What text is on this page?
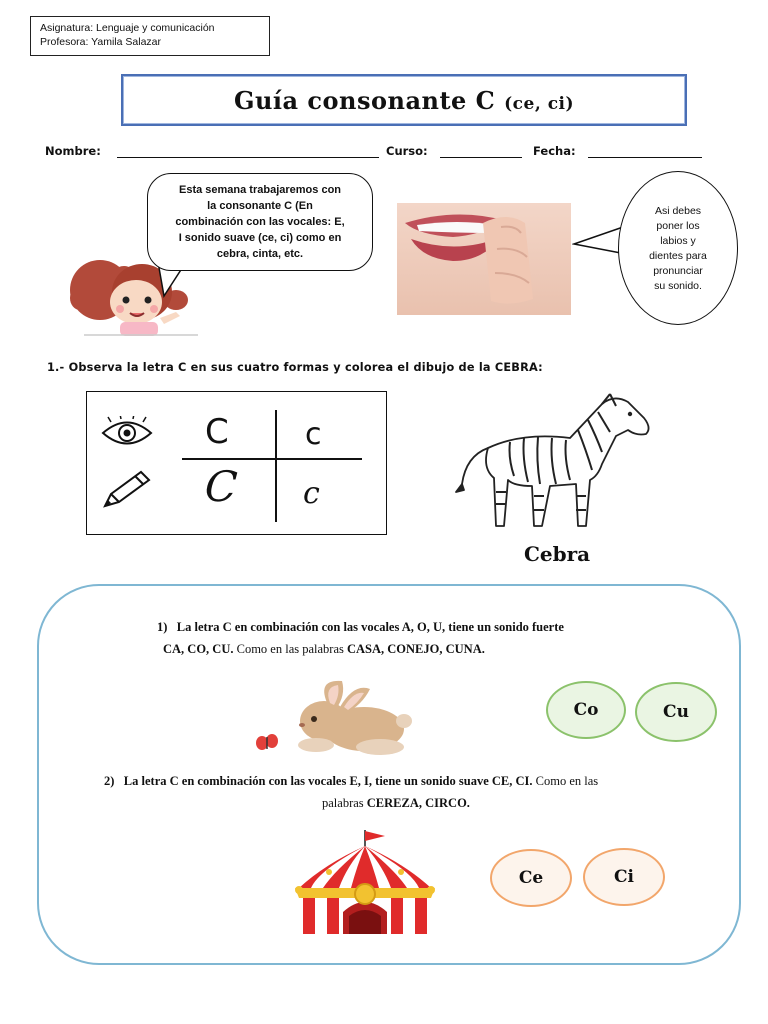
Asignatura: Lenguaje y comunicación
Profesora: Yamila Salazar
Guía consonante C (ce, ci)
Nombre:	Curso:	Fecha:
Esta semana trabajaremos con
la consonante C (En
combinación con las vocales: E,
I sonido suave (ce, ci) como en
cebra, cinta, etc.
Asi debes
poner los
labios y
dientes para
pronunciar
su sonido.
1.- Observa la letra C en sus cuatro formas y colorea el dibujo de la CEBRA:
C	c
C c
Cebra
1) La letra C en combinación con las vocales A, O, U, tiene un sonido fuerte
CA, CO, CU. Como en las palabras CASA, CONEJO, CUNA.
Co	Cu
2) La letra C en combinación con las vocales E, I, tiene un sonido suave CE, CI. Como en las
palabras CEREZA, CIRCO.
Ce	Ci
